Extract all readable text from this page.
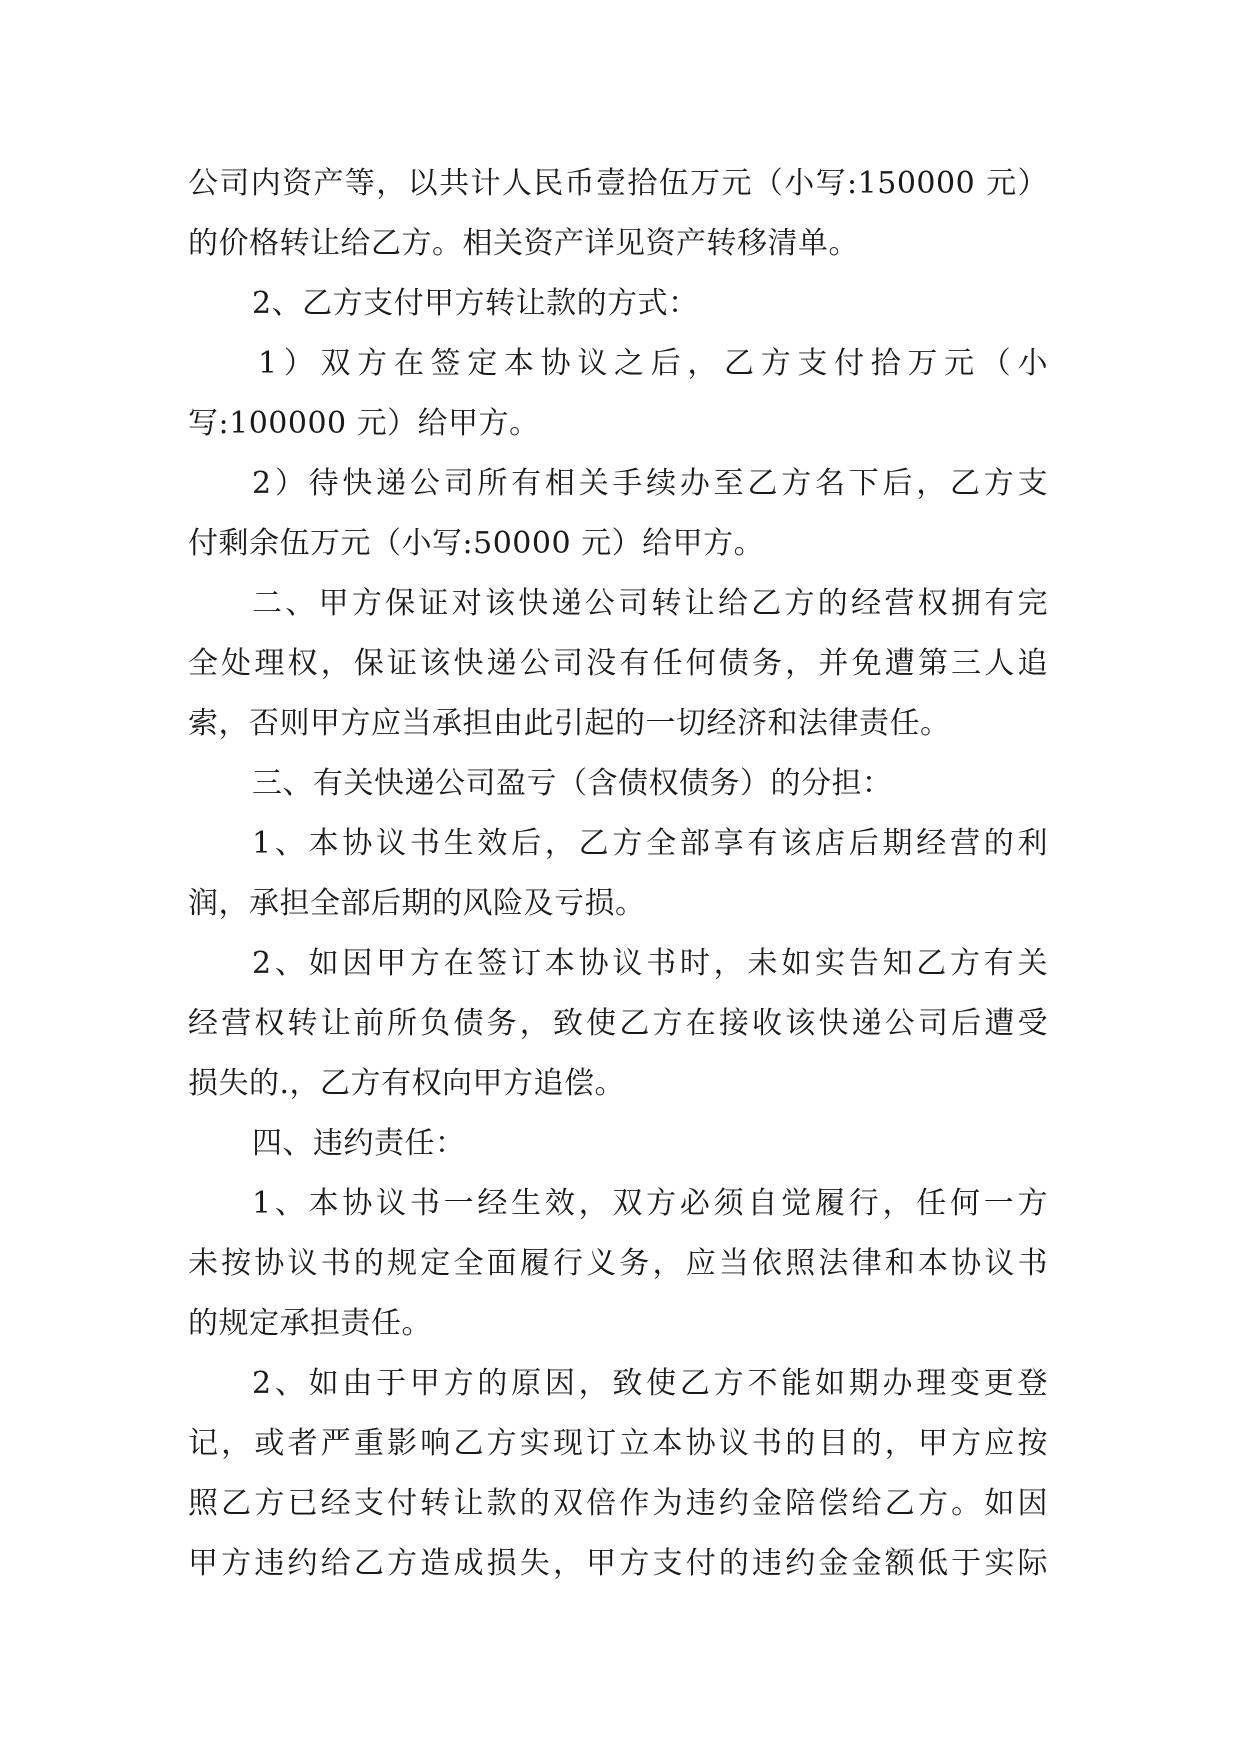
公司内资产等，以共计人民币壹拾伍万元（小写:150000 元）
的价格转让给乙方。相关资产详见资产转移清单。
2、乙方支付甲方转让款的方式：
1）双方在签定本协议之后，乙方支付拾万元（小
写:100000 元）给甲方。
2）待快递公司所有相关手续办至乙方名下后，乙方支
付剩余伍万元（小写:50000 元）给甲方。
二、甲方保证对该快递公司转让给乙方的经营权拥有完
全处理权，保证该快递公司没有任何债务，并免遭第三人追
索，否则甲方应当承担由此引起的一切经济和法律责任。
三、有关快递公司盈亏（含债权债务）的分担：
1、本协议书生效后，乙方全部享有该店后期经营的利
润，承担全部后期的风险及亏损。
2、如因甲方在签订本协议书时，未如实告知乙方有关
经营权转让前所负债务，致使乙方在接收该快递公司后遭受
损失的.，乙方有权向甲方追偿。
四、违约责任：
1、本协议书一经生效，双方必须自觉履行，任何一方
未按协议书的规定全面履行义务，应当依照法律和本协议书
的规定承担责任。
2、如由于甲方的原因，致使乙方不能如期办理变更登
记，或者严重影响乙方实现订立本协议书的目的，甲方应按
照乙方已经支付转让款的双倍作为违约金陪偿给乙方。如因
甲方违约给乙方造成损失，甲方支付的违约金金额低于实际
